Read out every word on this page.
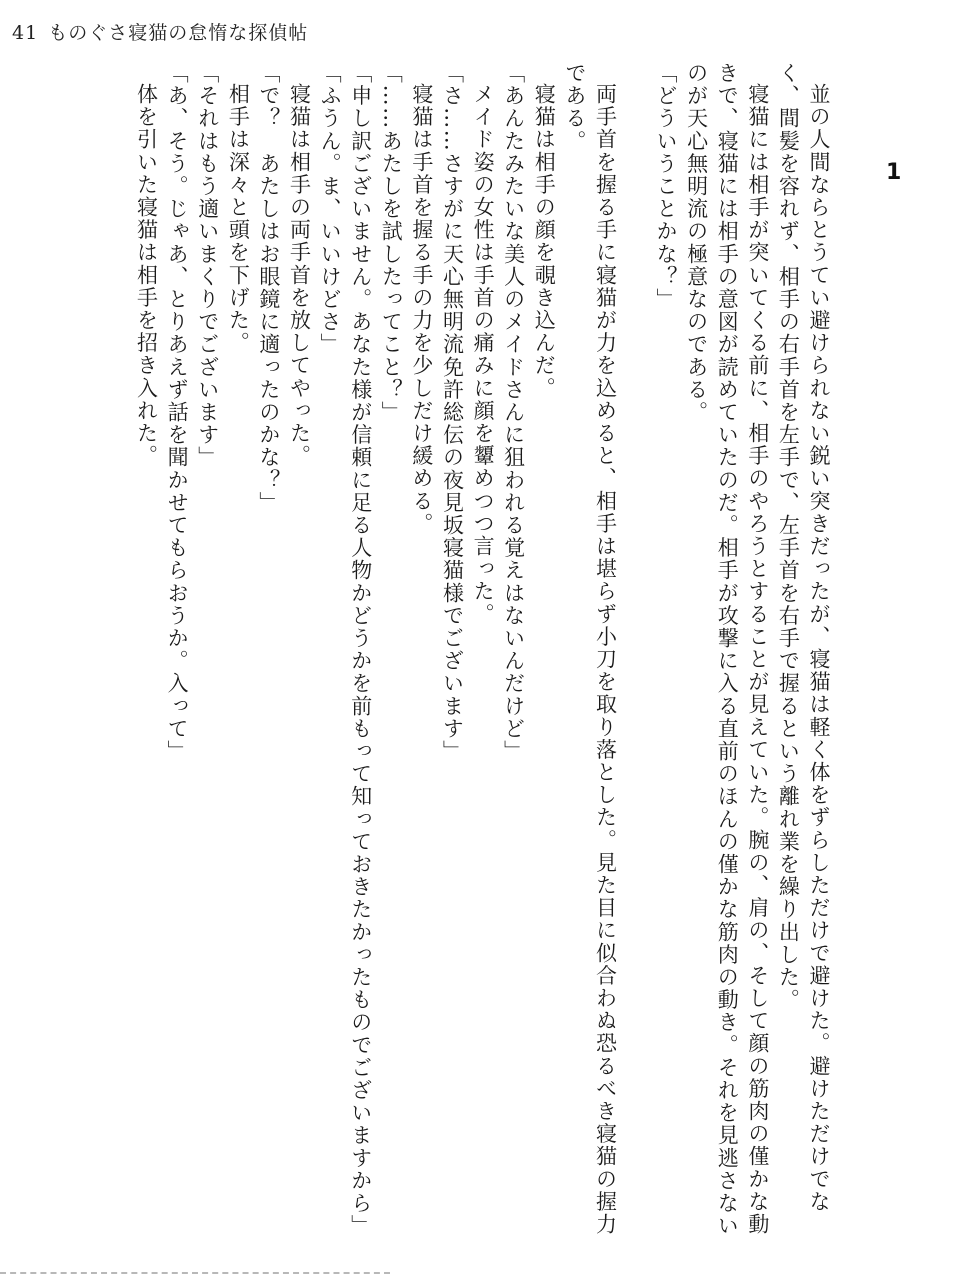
41 ものぐさ寝猫の怠惰な探偵帖
1

並の人間ならとうてい避けられない鋭い突きだったが、寝猫は軽く体をずらしただけで避けた。避けただけでなく、間髪を容れず、相手の右手首を左手で、左手首を右手で握るという離れ業を繰り出した。

寝猫には相手が突いてくる前に、相手のやろうとすることが見えていた。腕の、肩の、そして顔の筋肉の僅かな動きで、寝猫には相手の意図が読めていたのだ。相手が攻撃に入る直前のほんの僅かな筋肉の動き。それを見逃さないのが天心無明流の極意なのである。

「どういうことかな？」

両手首を握る手に寝猫が力を込めると、相手は堪らず小刀を取り落とした。見た目に似合わぬ恐るべき寝猫の握力である。

寝猫は相手の顔を覗き込んだ。

「あんたみたいな美人のメイドさんに狙われる覚えはないんだけど」

メイド姿の女性は手首の痛みに顔を顰めつつ言った。

「さ……さすがに天心無明流免許総伝の夜見坂寝猫様でございます」

寝猫は手首を握る手の力を少しだけ緩める。

「……あたしを試したってこと？」

「申し訳ございません。あなた様が信頼に足る人物かどうかを前もって知っておきたかったものでございますから」

「ふうん。ま、いいけどさ」

寝猫は相手の両手首を放してやった。

「で？　あたしはお眼鏡に適ったのかな？」

相手は深々と頭を下げた。

「それはもう適いまくりでございます」

「あ、そう。じゃあ、とりあえず話を聞かせてもらおうか。入って」

体を引いた寝猫は相手を招き入れた。
